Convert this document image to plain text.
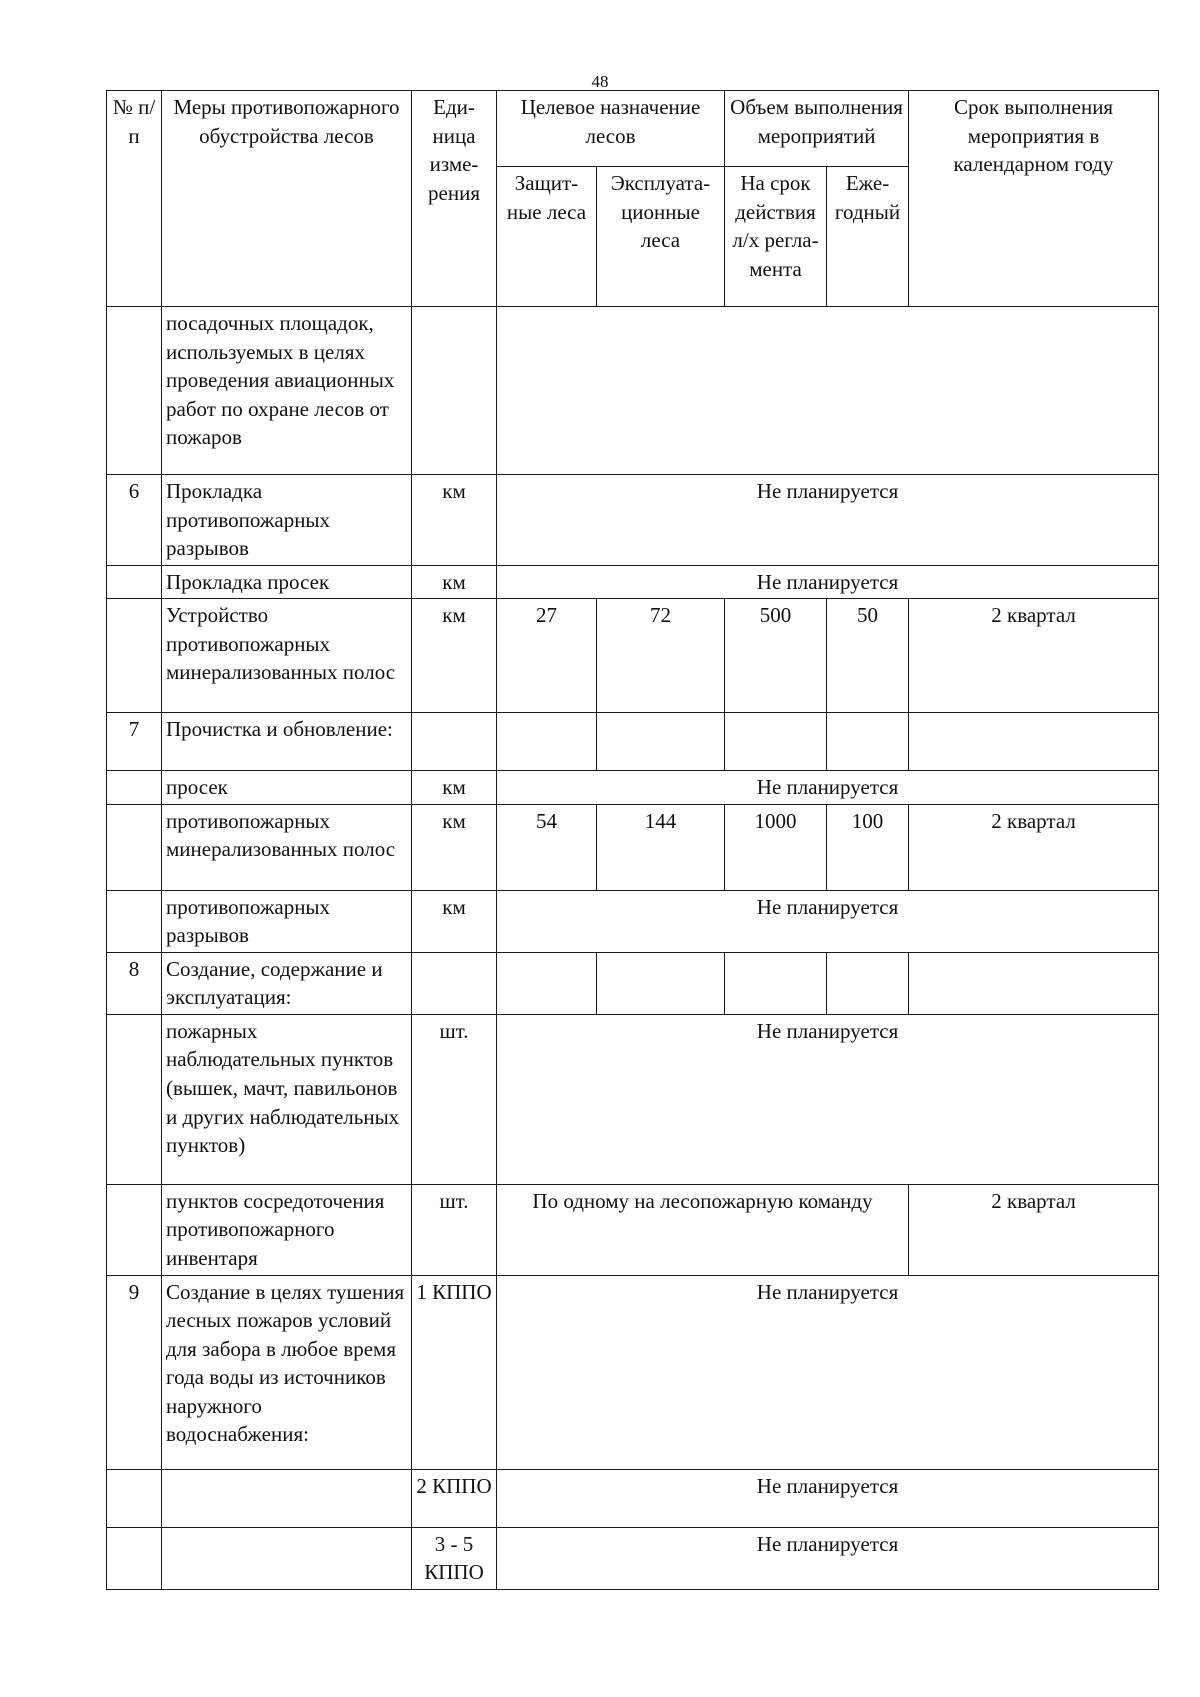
48
№ п/п	Меры противопожарного обустройства лесов	Еди-ница изме-рения	Целевое назначение лесов		Объем выполнения мероприятий		Срок выполнения мероприятия в календарном году
			Защит-ные леса	Эксплуата-ционные леса	На срок действия л/х регла-мента	Еже-годный	
	посадочных площадок, используемых в целях проведения авиационных работ по охране лесов от пожаров						
6	Прокладка противопожарных разрывов	км	Не планируется				
	Прокладка просек	км	Не планируется				
	Устройство противопожарных минерализованных полос	км	27	72	500	50	2 квартал
7	Прочистка и обновление:						
	просек	км	Не планируется				
	противопожарных минерализованных полос	км	54	144	1000	100	2 квартал
	противопожарных разрывов	км	Не планируется				
8	Создание, содержание и эксплуатация:						
	пожарных наблюдательных пунктов (вышек, мачт, павильонов и других наблюдательных пунктов)	шт.	Не планируется				
	пунктов сосредоточения противопожарного инвентаря	шт.	По одному на лесопожарную команду				2 квартал
9	Создание в целях тушения лесных пожаров условий для забора в любое время года воды из источников наружного водоснабжения:	1 КППО	Не планируется				
		2 КППО	Не планируется				
		3 - 5 КППО	Не планируется				
